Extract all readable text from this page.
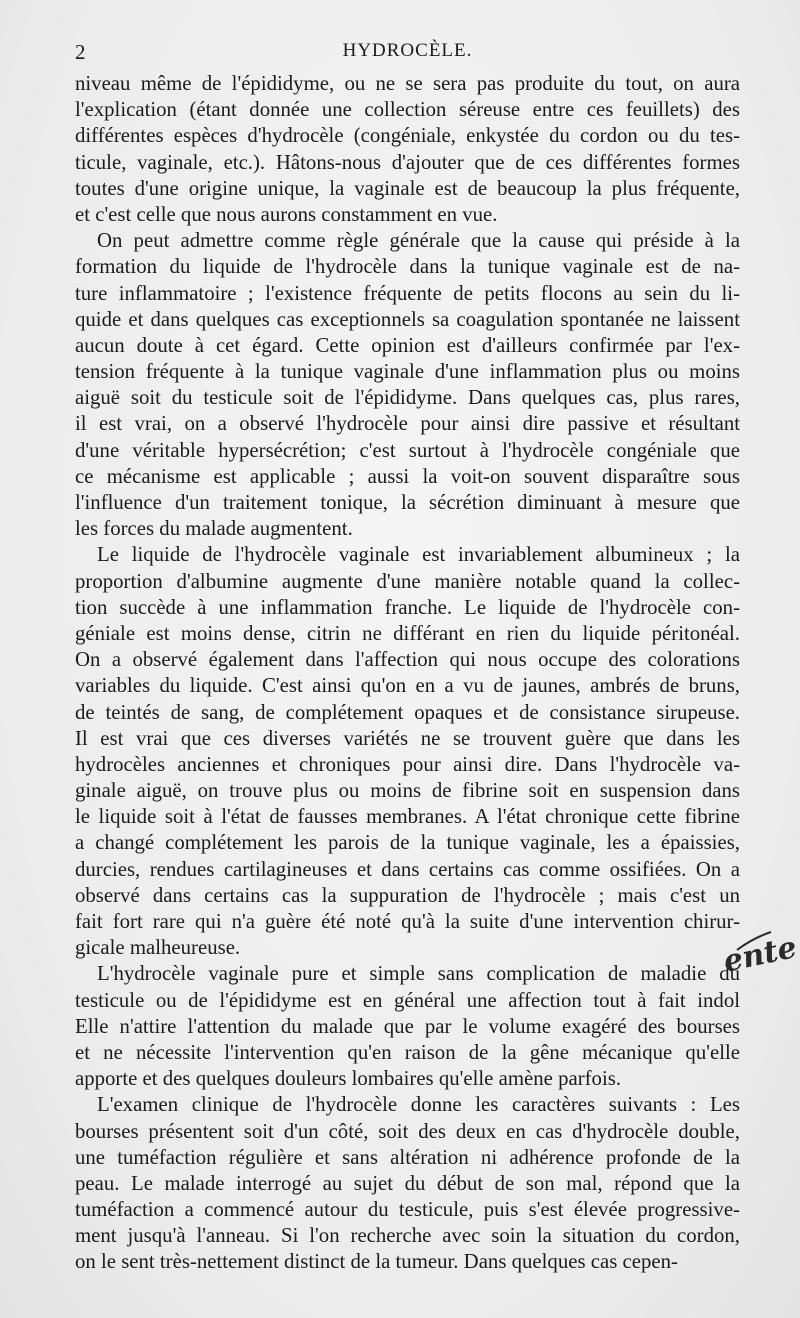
2	HYDROCÈLE.
niveau même de l'épididyme, ou ne se sera pas produite du tout, on aura
l'explication (étant donnée une collection séreuse entre ces feuillets) des
différentes espèces d'hydrocèle (congéniale, enkystée du cordon ou du tes-
ticule, vaginale, etc.). Hâtons-nous d'ajouter que de ces différentes formes
toutes d'une origine unique, la vaginale est de beaucoup la plus fréquente,
et c'est celle que nous aurons constamment en vue.
On peut admettre comme règle générale que la cause qui préside à la
formation du liquide de l'hydrocèle dans la tunique vaginale est de na-
ture inflammatoire ; l'existence fréquente de petits flocons au sein du li-
quide et dans quelques cas exceptionnels sa coagulation spontanée ne laissent
aucun doute à cet égard. Cette opinion est d'ailleurs confirmée par l'ex-
tension fréquente à la tunique vaginale d'une inflammation plus ou moins
aiguë soit du testicule soit de l'épididyme. Dans quelques cas, plus rares,
il est vrai, on a observé l'hydrocèle pour ainsi dire passive et résultant
d'une véritable hypersécrétion; c'est surtout à l'hydrocèle congéniale que
ce mécanisme est applicable ; aussi la voit-on souvent disparaître sous
l'influence d'un traitement tonique, la sécrétion diminuant à mesure que
les forces du malade augmentent.
Le liquide de l'hydrocèle vaginale est invariablement albumineux ; la
proportion d'albumine augmente d'une manière notable quand la collec-
tion succède à une inflammation franche. Le liquide de l'hydrocèle con-
géniale est moins dense, citrin ne différant en rien du liquide péritonéal.
On a observé également dans l'affection qui nous occupe des colorations
variables du liquide. C'est ainsi qu'on en a vu de jaunes, ambrés de bruns,
de teintés de sang, de complétement opaques et de consistance sirupeuse.
Il est vrai que ces diverses variétés ne se trouvent guère que dans les
hydrocèles anciennes et chroniques pour ainsi dire. Dans l'hydrocèle va-
ginale aiguë, on trouve plus ou moins de fibrine soit en suspension dans
le liquide soit à l'état de fausses membranes. A l'état chronique cette fibrine
a changé complétement les parois de la tunique vaginale, les a épaissies,
durcies, rendues cartilagineuses et dans certains cas comme ossifiées. On a
observé dans certains cas la suppuration de l'hydrocèle ; mais c'est un
fait fort rare qui n'a guère été noté qu'à la suite d'une intervention chirur-
gicale malheureuse.
L'hydrocèle vaginale pure et simple sans complication de maladie du
testicule ou de l'épididyme est en général une affection tout à fait indol
Elle n'attire l'attention du malade que par le volume exagéré des bourses
et ne nécessite l'intervention qu'en raison de la gêne mécanique qu'elle
apporte et des quelques douleurs lombaires qu'elle amène parfois.
L'examen clinique de l'hydrocèle donne les caractères suivants : Les
bourses présentent soit d'un côté, soit des deux en cas d'hydrocèle double,
une tuméfaction régulière et sans altération ni adhérence profonde de la
peau. Le malade interrogé au sujet du début de son mal, répond que la
tuméfaction a commencé autour du testicule, puis s'est élevée progressive-
ment jusqu'à l'anneau. Si l'on recherche avec soin la situation du cordon,
on le sent très-nettement distinct de la tumeur. Dans quelques cas cepen-
ente
